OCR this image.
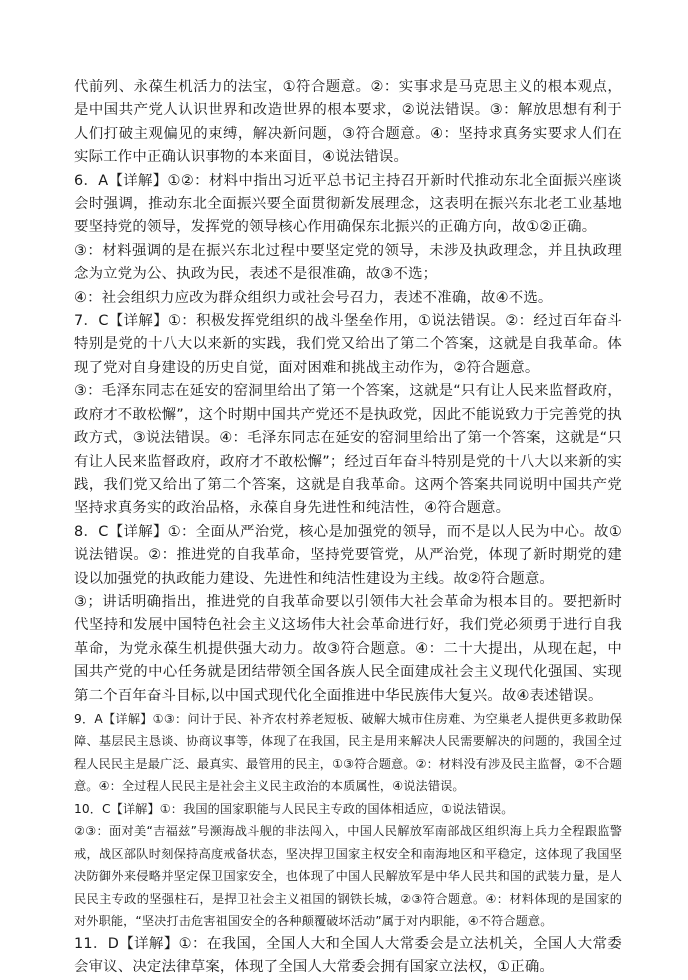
代前列、永葆生机活力的法宝，①符合题意。②：实事求是马克思主义的根本观点，是中国共产党人认识世界和改造世界的根本要求，②说法错误。③：解放思想有利于人们打破主观偏见的束缚，解决新问题，③符合题意。④：坚持求真务实要求人们在实际工作中正确认识事物的本来面目，④说法错误。

6．A【详解】①②：材料中指出习近平总书记主持召开新时代推动东北全面振兴座谈会时强调，推动东北全面振兴要全面贯彻新发展理念，这表明在振兴东北老工业基地要坚持党的领导，发挥党的领导核心作用确保东北振兴的正确方向，故①②正确。

③：材料强调的是在振兴东北过程中要坚定党的领导，未涉及执政理念，并且执政理念为立党为公、执政为民，表述不是很准确，故③不选；

④：社会组织力应改为群众组织力或社会号召力，表述不准确，故④不选。

7．C【详解】①：积极发挥党组织的战斗堡垒作用，①说法错误。②：经过百年奋斗特别是党的十八大以来新的实践，我们党又给出了第二个答案，这就是自我革命。体现了党对自身建设的历史自觉，面对困难和挑战主动作为，②符合题意。

③：毛泽东同志在延安的窑洞里给出了第一个答案，这就是“只有让人民来监督政府，政府才不敢松懈”，这个时期中国共产党还不是执政党，因此不能说致力于完善党的执政方式，③说法错误。④：毛泽东同志在延安的窑洞里给出了第一个答案，这就是“只有让人民来监督政府，政府才不敢松懈”；经过百年奋斗特别是党的十八大以来新的实践，我们党又给出了第二个答案，这就是自我革命。这两个答案共同说明中国共产党坚持求真务实的政治品格，永葆自身先进性和纯洁性，④符合题意。

8．C【详解】①：全面从严治党，核心是加强党的领导，而不是以人民为中心。故①说法错误。②：推进党的自我革命，坚持党要管党，从严治党，体现了新时期党的建设以加强党的执政能力建设、先进性和纯洁性建设为主线。故②符合题意。

③；讲话明确指出，推进党的自我革命要以引领伟大社会革命为根本目的。要把新时代坚持和发展中国特色社会主义这场伟大社会革命进行好，我们党必须勇于进行自我革命，为党永葆生机提供强大动力。故③符合题意。④：二十大提出，从现在起，中国共产党的中心任务就是团结带领全国各族人民全面建成社会主义现代化强国、实现第二个百年奋斗目标,以中国式现代化全面推进中华民族伟大复兴。故④表述错误。

9．A【详解】①③：问计于民、补齐农村养老短板、破解大城市住房难、为空巢老人提供更多救助保障、基层民主恳谈、协商议事等，体现了在我国，民主是用来解决人民需要解决的问题的，我国全过程人民民主是最广泛、最真实、最管用的民主，①③符合题意。②：材料没有涉及民主监督，②不合题意。④：全过程人民民主是社会主义民主政治的本质属性，④说法错误。

10．C【详解】①：我国的国家职能与人民民主专政的国体相适应，①说法错误。

②③：面对美“吉福兹”号濒海战斗舰的非法闯入，中国人民解放军南部战区组织海上兵力全程跟监警戒，战区部队时刻保持高度戒备状态，坚决捍卫国家主权安全和南海地区和平稳定，这体现了我国坚决防御外来侵略并坚定保卫国家安全，也体现了中国人民解放军是中华人民共和国的武装力量，是人民民主专政的坚强柱石，是捍卫社会主义祖国的钢铁长城，②③符合题意。④：材料体现的是国家的对外职能，“坚决打击危害祖国安全的各种颠覆破坏活动”属于对内职能，④不符合题意。

11．D【详解】①：在我国，全国人大和全国人大常委会是立法机关，全国人大常委会审议、决定法律草案，体现了全国人大常委会拥有国家立法权，①正确。
